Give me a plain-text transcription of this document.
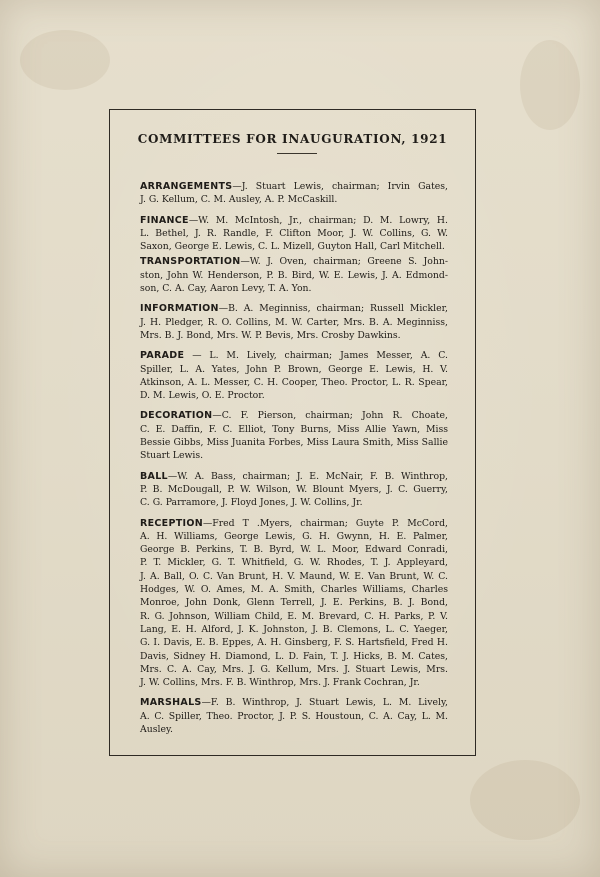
COMMITTEES FOR INAUGURATION, 1921
ARRANGEMENTS—J. Stuart Lewis, chairman; Irvin Gates,
J. G. Kellum, C. M. Ausley, A. P. McCaskill.
FINANCE—W. M. McIntosh, Jr., chairman; D. M. Lowry, H.
L. Bethel, J. R. Randle, F. Clifton Moor, J. W. Collins, G. W.
Saxon, George E. Lewis, C. L. Mizell, Guyton Hall, Carl Mitchell.
TRANSPORTATION—W. J. Oven, chairman; Greene S. John-
ston, John W. Henderson, P. B. Bird, W. E. Lewis, J. A. Edmond-
son, C. A. Cay, Aaron Levy, T. A. Yon.
INFORMATION—B. A. Meginniss, chairman; Russell Mickler,
J. H. Pledger, R. O. Collins, M. W. Carter, Mrs. B. A. Meginniss,
Mrs. B. J. Bond, Mrs. W. P. Bevis, Mrs. Crosby Dawkins.
PARADE — L. M. Lively, chairman; James Messer, A. C.
Spiller, L. A. Yates, John P. Brown, George E. Lewis, H. V.
Atkinson, A. L. Messer, C. H. Cooper, Theo. Proctor, L. R. Spear,
D. M. Lewis, O. E. Proctor.
DECORATION—C. F. Pierson, chairman; John R. Choate,
C. E. Daffin, F. C. Elliot, Tony Burns, Miss Allie Yawn, Miss
Bessie Gibbs, Miss Juanita Forbes, Miss Laura Smith, Miss Sallie
Stuart Lewis.
BALL—W. A. Bass, chairman; J. E. McNair, F. B. Winthrop,
P. B. McDougall, P. W. Wilson, W. Blount Myers, J. C. Guerry,
C. G. Parramore, J. Floyd Jones, J. W. Collins, Jr.
RECEPTION—Fred T .Myers, chairman; Guyte P. McCord,
A. H. Williams, George Lewis, G. H. Gwynn, H. E. Palmer,
George B. Perkins, T. B. Byrd, W. L. Moor, Edward Conradi,
P. T. Mickler, G. T. Whitfield, G. W. Rhodes, T. J. Appleyard,
J. A. Ball, O. C. Van Brunt, H. V. Maund, W. E. Van Brunt, W. C.
Hodges, W. O. Ames, M. A. Smith, Charles Williams, Charles
Monroe, John Donk, Glenn Terrell, J. E. Perkins, B. J. Bond,
R. G. Johnson, William Child, E. M. Brevard, C. H. Parks, P. V.
Lang, E. H. Alford, J. K. Johnston, J. B. Clemons, L. C. Yaeger,
G. I. Davis, E. B. Eppes, A. H. Ginsberg, F. S. Hartsfield, Fred H.
Davis, Sidney H. Diamond, L. D. Fain, T. J. Hicks, B. M. Cates,
Mrs. C. A. Cay, Mrs. J. G. Kellum, Mrs. J. Stuart Lewis, Mrs.
J. W. Collins, Mrs. F. B. Winthrop, Mrs. J. Frank Cochran, Jr.
MARSHALS—F. B. Winthrop, J. Stuart Lewis, L. M. Lively,
A. C. Spiller, Theo. Proctor, J. P. S. Houstoun, C. A. Cay, L. M.
Ausley.
